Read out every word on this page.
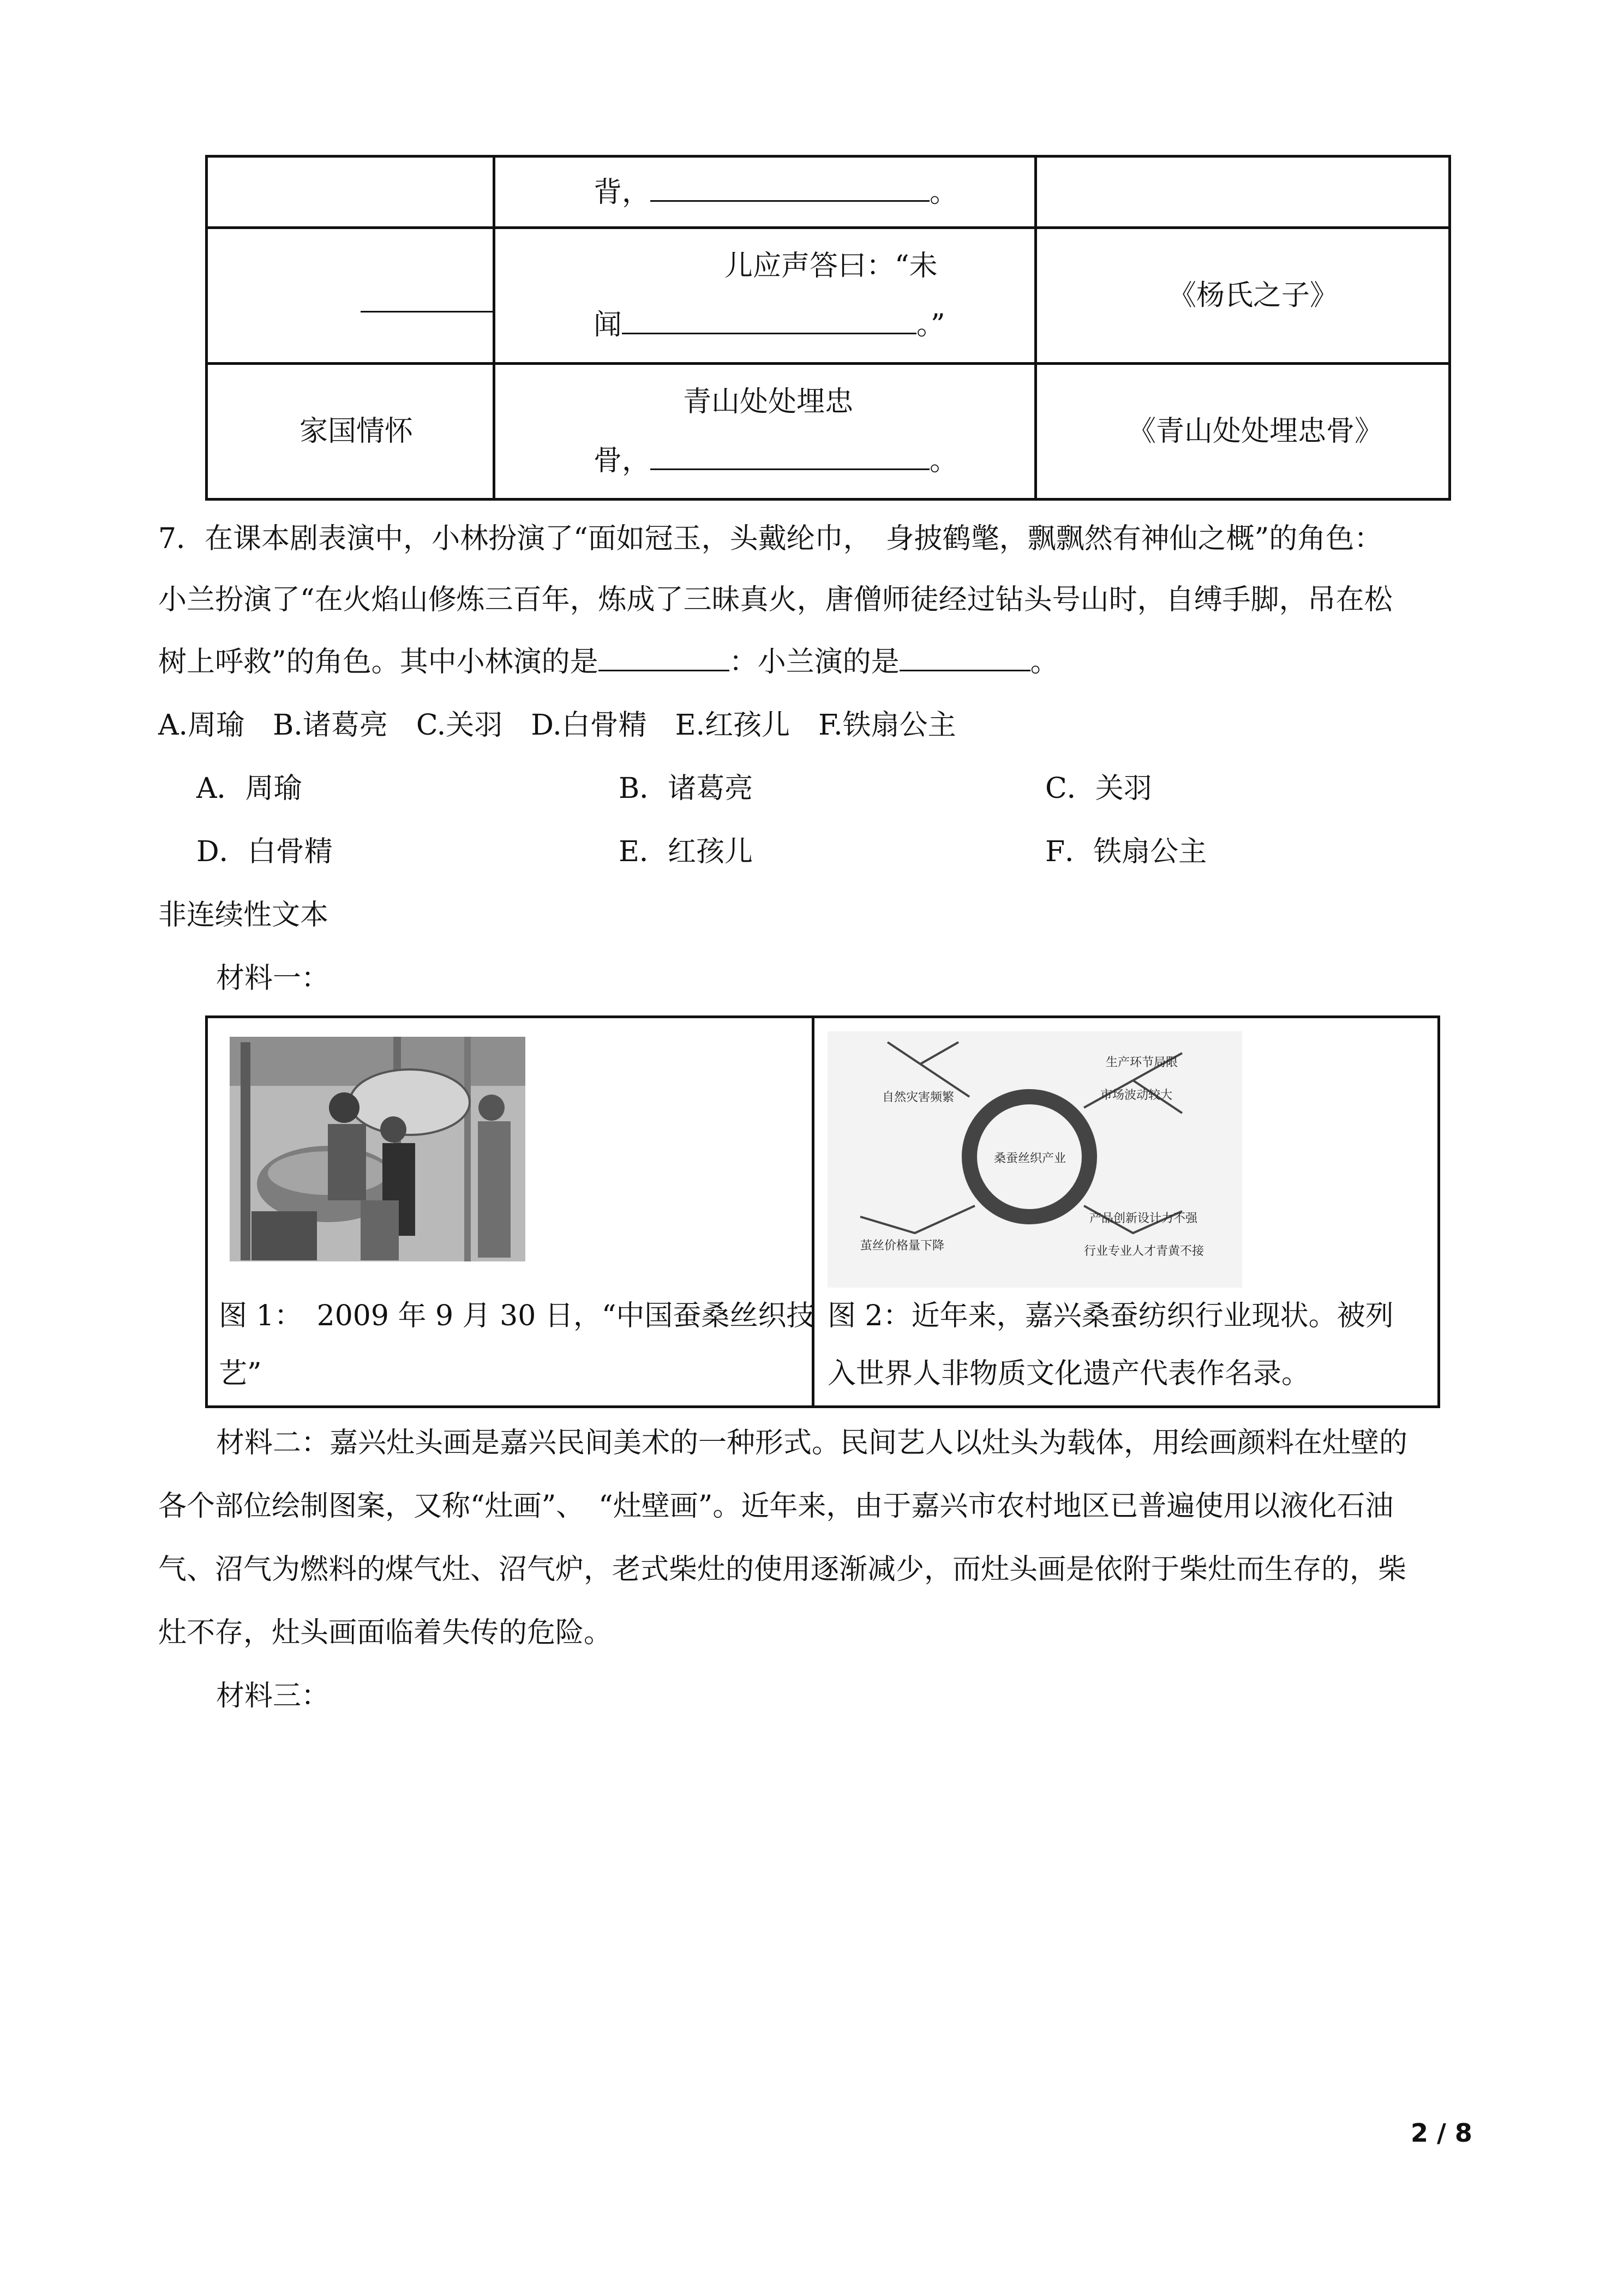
	背， 。	

	儿应声答曰：“未
闻 。”	《杨氏之子》

家国情怀	青山处处埋忠
骨， 。	《青山处处埋忠骨》
7．在课本剧表演中，小林扮演了“面如冠玉，头戴纶巾，　身披鹤氅，飘飘然有神仙之概”的角色：
小兰扮演了“在火焰山修炼三百年，炼成了三昧真火，唐僧师徒经过钻头号山时，自缚手脚，吊在松
树上呼救”的角色。其中小林演的是	：小兰演的是	。
A.周瑜　B.诸葛亮　C.关羽　D.白骨精　E.红孩儿　F.铁扇公主
A．周瑜	B．诸葛亮	C．关羽
D．白骨精	E．红孩儿	F．铁扇公主
非连续性文本
材料一：
桑蚕丝织产业
自然灾害频繁
生产环节局限
市场波动较大
茧丝价格量下降
产品创新设计力不强
行业专业人才青黄不接
图 1：　2009 年 9 月 30 日，“中国蚕桑丝织技
艺”
图 2：近年来，嘉兴桑蚕纺织行业现状。被列
入世界人非物质文化遗产代表作名录。
材料二：嘉兴灶头画是嘉兴民间美术的一种形式。民间艺人以灶头为载体，用绘画颜料在灶壁的
各个部位绘制图案，又称“灶画”、　“灶壁画”。近年来，由于嘉兴市农村地区已普遍使用以液化石油
气、沼气为燃料的煤气灶、沼气炉，老式柴灶的使用逐渐减少，而灶头画是依附于柴灶而生存的，柴
灶不存，灶头画面临着失传的危险。
材料三：
2 / 8
